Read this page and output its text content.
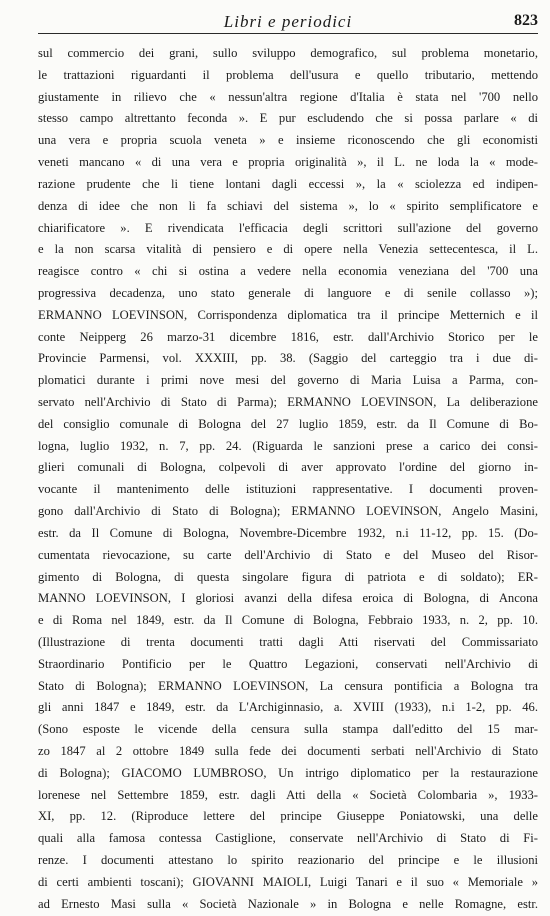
Libri e periodici	823
sul commercio dei grani, sullo sviluppo demografico, sul problema monetario,
le trattazioni riguardanti il problema dell'usura e quello tributario, mettendo
giustamente in rilievo che « nessun'altra regione d'Italia è stata nel '700 nello
stesso campo altrettanto feconda ». E pur escludendo che si possa parlare « di
una vera e propria scuola veneta » e insieme riconoscendo che gli economisti
veneti mancano « di una vera e propria originalità », il L. ne loda la « mode-
razione prudente che li tiene lontani dagli eccessi », la « sciolezza ed indipen-
denza di idee che non li fa schiavi del sistema », lo « spirito semplificatore e
chiarificatore ». E rivendicata l'efficacia degli scrittori sull'azione del governo
e la non scarsa vitalità di pensiero e di opere nella Venezia settecentesca, il L.
reagisce contro « chi si ostina a vedere nella economia veneziana del '700 una
progressiva decadenza, uno stato generale di languore e di senile collasso »);
ERMANNO LOEVINSON, Corrispondenza diplomatica tra il principe Metternich e il
conte Neipperg 26 marzo-31 dicembre 1816, estr. dall'Archivio Storico per le
Provincie Parmensi, vol. XXXIII, pp. 38. (Saggio del carteggio tra i due di-
plomatici durante i primi nove mesi del governo di Maria Luisa a Parma, con-
servato nell'Archivio di Stato di Parma); ERMANNO LOEVINSON, La deliberazione
del consiglio comunale di Bologna del 27 luglio 1859, estr. da Il Comune di Bo-
logna, luglio 1932, n. 7, pp. 24. (Riguarda le sanzioni prese a carico dei consi-
glieri comunali di Bologna, colpevoli di aver approvato l'ordine del giorno in-
vocante il mantenimento delle istituzioni rappresentative. I documenti proven-
gono dall'Archivio di Stato di Bologna); ERMANNO LOEVINSON, Angelo Masini,
estr. da Il Comune di Bologna, Novembre-Dicembre 1932, n.i 11-12, pp. 15. (Do-
cumentata rievocazione, su carte dell'Archivio di Stato e del Museo del Risor-
gimento di Bologna, di questa singolare figura di patriota e di soldato); ER-
MANNO LOEVINSON, I gloriosi avanzi della difesa eroica di Bologna, di Ancona
e di Roma nel 1849, estr. da Il Comune di Bologna, Febbraio 1933, n. 2, pp. 10.
(Illustrazione di trenta documenti tratti dagli Atti riservati del Commissariato
Straordinario Pontificio per le Quattro Legazioni, conservati nell'Archivio di
Stato di Bologna); ERMANNO LOEVINSON, La censura pontificia a Bologna tra
gli anni 1847 e 1849, estr. da L'Archiginnasio, a. XVIII (1933), n.i 1-2, pp. 46.
(Sono esposte le vicende della censura sulla stampa dall'editto del 15 mar-
zo 1847 al 2 ottobre 1849 sulla fede dei documenti serbati nell'Archivio di Stato
di Bologna); GIACOMO LUMBROSO, Un intrigo diplomatico per la restaurazione
lorenese nel Settembre 1859, estr. dagli Atti della « Società Colombaria », 1933-
XI, pp. 12. (Riproduce lettere del principe Giuseppe Poniatowski, una delle
quali alla famosa contessa Castiglione, conservate nell'Archivio di Stato di Fi-
renze. I documenti attestano lo spirito reazionario del principe e le illusioni
di certi ambienti toscani); GIOVANNI MAIOLI, Luigi Tanari e il suo « Memoriale »
ad Ernesto Masi sulla « Società Nazionale » in Bologna e nelle Romagne, estr.
